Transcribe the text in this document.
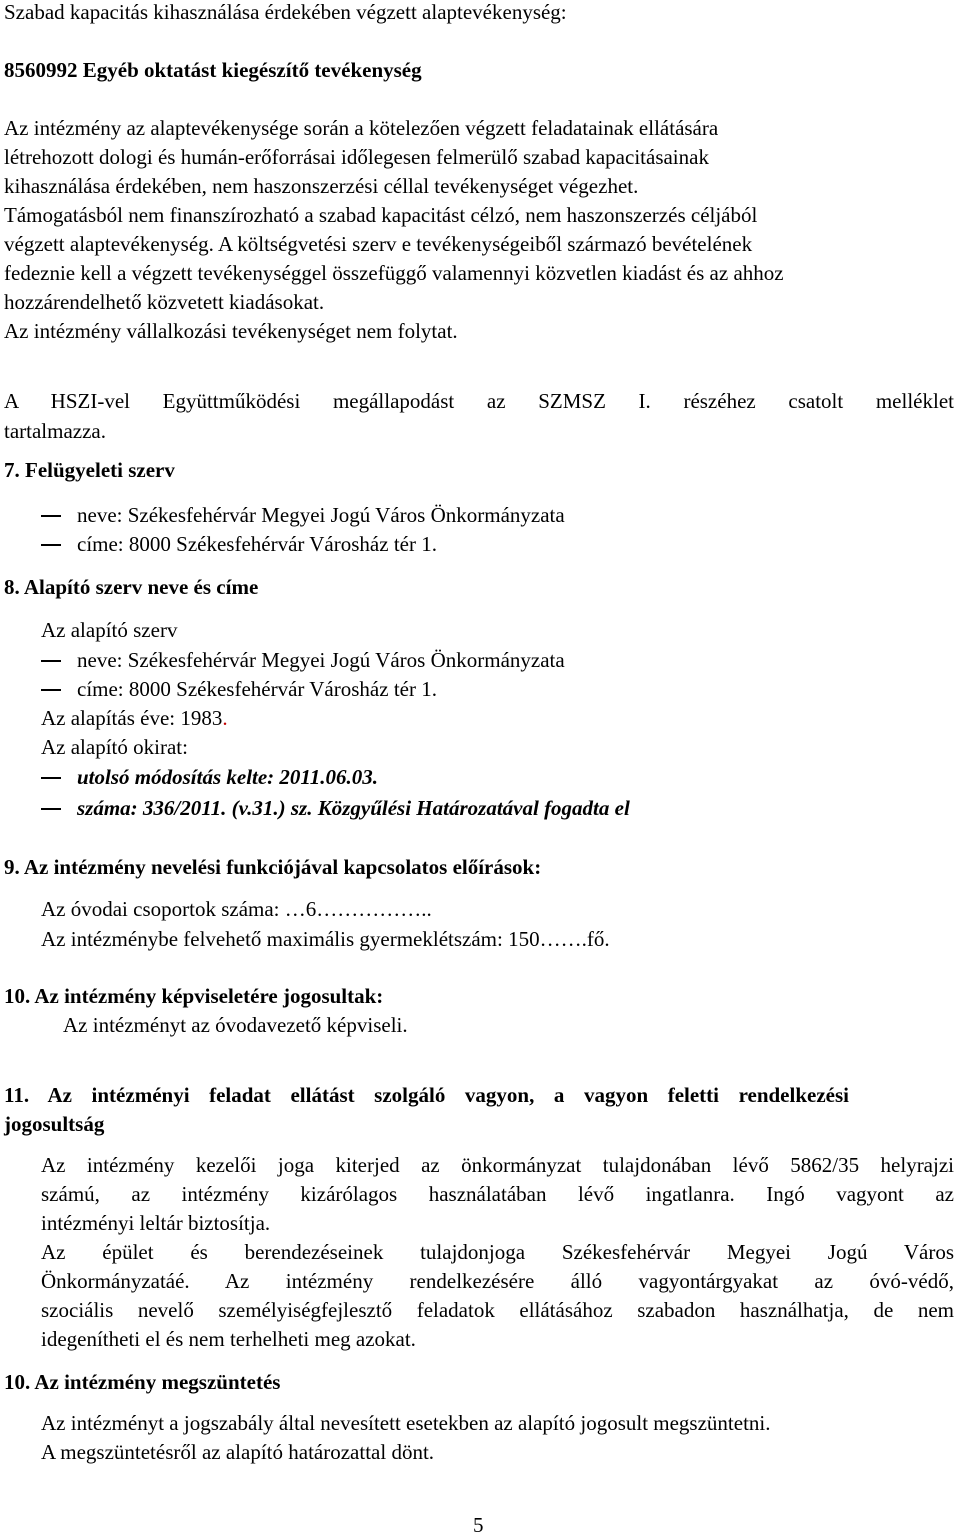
Szabad kapacitás kihasználása érdekében végzett alaptevékenység:
8560992 Egyéb oktatást kiegészítő tevékenység
Az intézmény az alaptevékenysége során a kötelezően végzett feladatainak ellátására
létrehozott dologi és humán-erőforrásai időlegesen felmerülő szabad kapacitásainak
kihasználása érdekében, nem haszonszerzési céllal tevékenységet végezhet.
Támogatásból nem finanszírozható a szabad kapacitást célzó, nem haszonszerzés céljából
végzett alaptevékenység. A költségvetési szerv e tevékenységeiből származó bevételének
fedeznie kell a végzett tevékenységgel összefüggő valamennyi közvetlen kiadást és az ahhoz
hozzárendelhető közvetett kiadásokat.
Az intézmény vállalkozási tevékenységet nem folytat.
A HSZI-vel Együttműködési megállapodást az SZMSZ I. részéhez csatolt melléklet
tartalmazza.
7. Felügyeleti szerv
neve: Székesfehérvár Megyei Jogú Város Önkormányzata
címe: 8000 Székesfehérvár Városház tér 1.
8. Alapító szerv neve és címe
Az alapító szerv
neve: Székesfehérvár Megyei Jogú Város Önkormányzata
címe: 8000 Székesfehérvár Városház tér 1.
Az alapítás éve: 1983.
Az alapító okirat:
utolsó módosítás kelte: 2011.06.03.
száma: 336/2011. (v.31.) sz. Közgyűlési Határozatával fogadta el
9. Az intézmény nevelési funkciójával kapcsolatos előírások:
Az óvodai csoportok száma: …6……………..
Az intézménybe felvehető maximális gyermeklétszám: 150…….fő.
10. Az intézmény képviseletére jogosultak:
Az intézményt az óvodavezető képviseli.
11. Az intézményi feladat ellátást szolgáló vagyon, a vagyon feletti rendelkezési
jogosultság
Az intézmény kezelői joga kiterjed az önkormányzat tulajdonában lévő 5862/35 helyrajzi
számú, az intézmény kizárólagos használatában lévő ingatlanra. Ingó vagyont az
intézményi leltár biztosítja.
Az épület és berendezéseinek tulajdonjoga Székesfehérvár Megyei Jogú Város
Önkormányzatáé. Az intézmény rendelkezésére álló vagyontárgyakat az óvó-védő,
szociális nevelő személyiségfejlesztő feladatok ellátásához szabadon használhatja, de nem
idegenítheti el és nem terhelheti meg azokat.
10. Az intézmény megszüntetés
Az intézményt a jogszabály által nevesített esetekben az alapító jogosult megszüntetni.
A megszüntetésről az alapító határozattal dönt.
5
